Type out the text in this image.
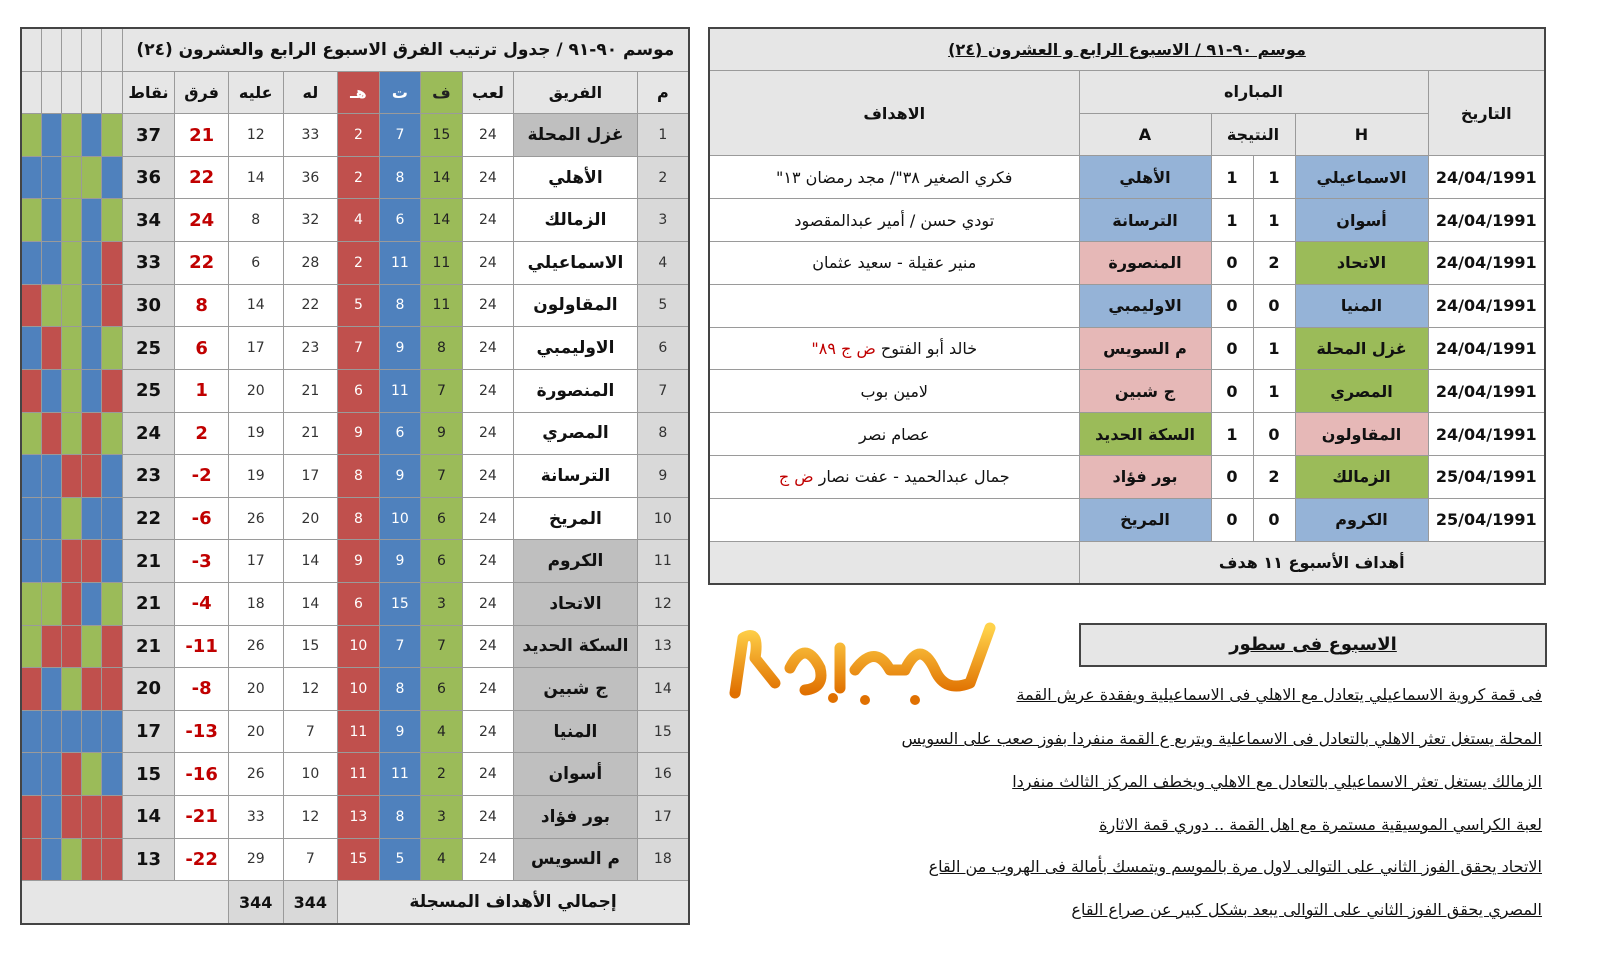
					موسم ٩٠-٩١ / جدول ترتيب الفرق الاسبوع الرابع والعشرون (٢٤)									
					نقاط	فرق	عليه	له	هـ	ت	ف	لعب	الفريق	م
					37	21	12	33	2	7	15	24	غزل المحلة	1
					36	22	14	36	2	8	14	24	الأهلي	2
					34	24	8	32	4	6	14	24	الزمالك	3
					33	22	6	28	2	11	11	24	الاسماعيلي	4
					30	8	14	22	5	8	11	24	المقاولون	5
					25	6	17	23	7	9	8	24	الاوليمبي	6
					25	1	20	21	6	11	7	24	المنصورة	7
					24	2	19	21	9	6	9	24	المصري	8
					23	-2	19	17	8	9	7	24	الترسانة	9
					22	-6	26	20	8	10	6	24	المريخ	10
					21	-3	17	14	9	9	6	24	الكروم	11
					21	-4	18	14	6	15	3	24	الاتحاد	12
					21	-11	26	15	10	7	7	24	السكة الحديد	13
					20	-8	20	12	10	8	6	24	ج شبين	14
					17	-13	20	7	11	9	4	24	المنيا	15
					15	-16	26	10	11	11	2	24	أسوان	16
					14	-21	33	12	13	8	3	24	بور فؤاد	17
					13	-22	29	7	15	5	4	24	م السويس	18
							344	344	إجمالي الأهداف المسجلة					
موسم ٩٠-٩١ / الاسبوع الرابع و العشرون (٢٤)					
الاهداف	المباراه				التاريخ
	A	النتيجة		H	
فكري الصغير ٣٨"/ مجد رمضان ١٣"	الأهلي	1	1	الاسماعيلي	24/04/1991
تودي حسن / أمير عبدالمقصود	الترسانة	1	1	أسوان	24/04/1991
منير عقيلة - سعيد عثمان	المنصورة	0	2	الاتحاد	24/04/1991
	الاوليمبي	0	0	المنيا	24/04/1991
خالد أبو الفتوح ض ج ٨٩"	م السويس	0	1	غزل المحلة	24/04/1991
لامين بوب	ج شبين	0	1	المصري	24/04/1991
عصام نصر	السكة الحديد	1	0	المقاولون	24/04/1991
جمال عبدالحميد - عفت نصار ض ج	بور فؤاد	0	2	الزمالك	25/04/1991
	المريخ	0	0	الكروم	25/04/1991
	أهداف الأسبوع ١١ هدف				
الاسبوع فى سطور
فى قمة كروية الاسماعيلي يتعادل مع الاهلي فى الاسماعيلية ويفقدة عرش القمة
المحلة يستغل تعثر الاهلي بالتعادل فى الاسماعلية ويتربع ع القمة منفردا بفوز صعب على السويس
الزمالك يستغل تعثر الاسماعيلي بالتعادل مع الاهلي ويخطف المركز الثالث منفردا
لعبة الكراسي الموسيقية مستمرة مع اهل القمة .. دوري قمة الاثارة
الاتحاد يحقق الفوز الثاني على التوالى لاول مرة بالموسم ويتمسك بأمالة فى الهروب من القاع
المصري يحقق الفوز الثاني على التوالى يبعد بشكل كبير عن صراع القاع
